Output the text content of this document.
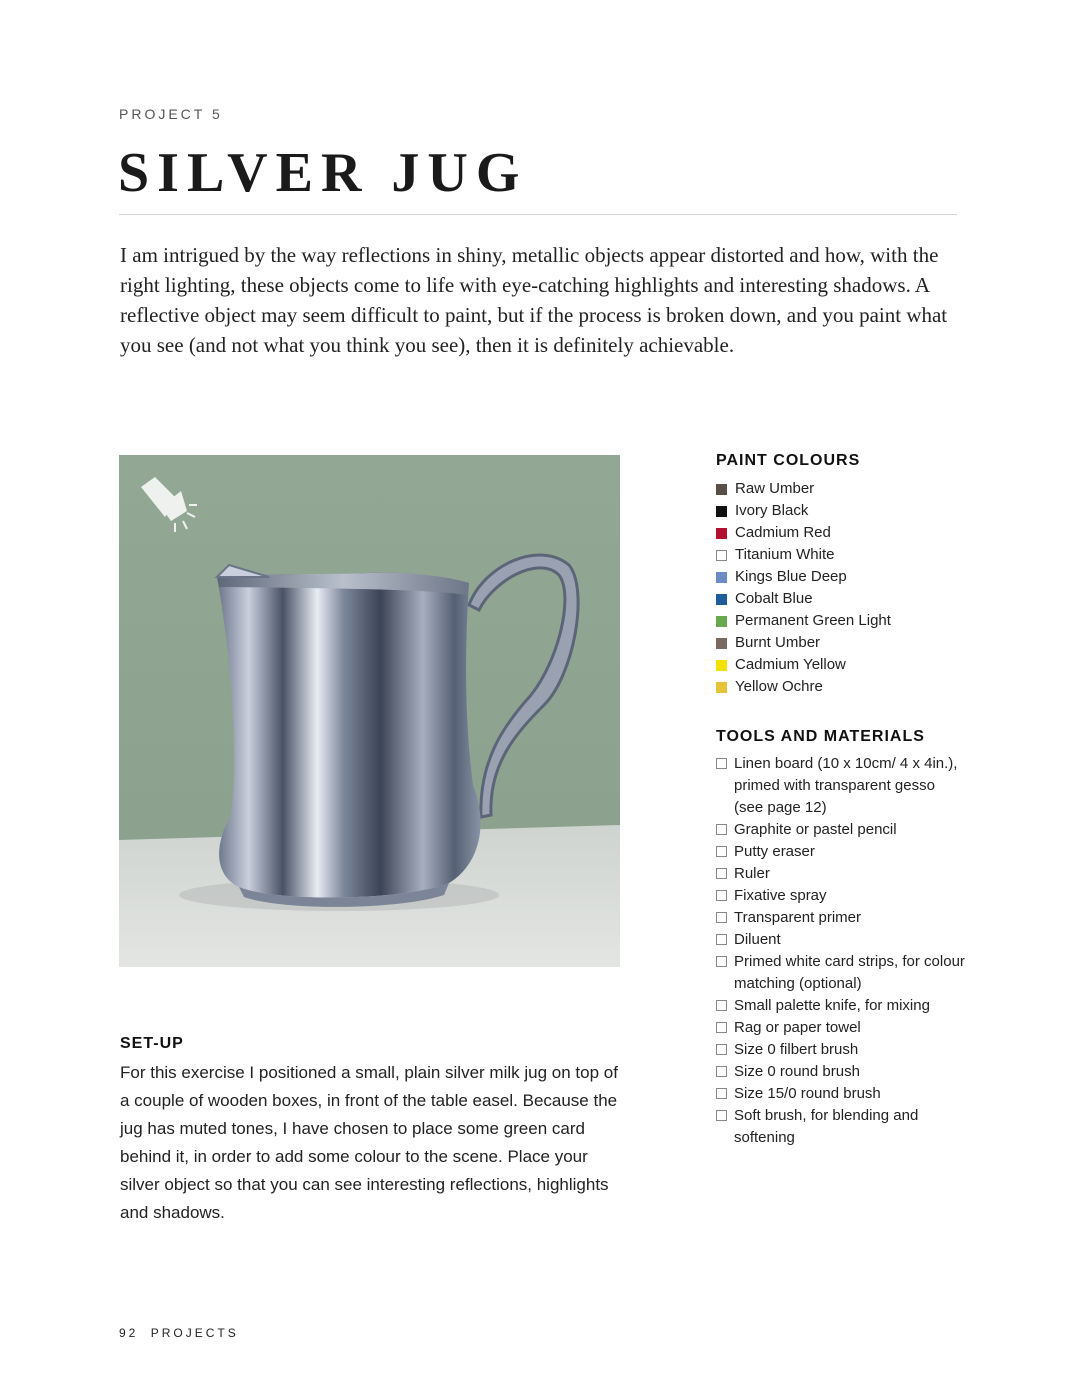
PROJECT 5
SILVER JUG

I am intrigued by the way reflections in shiny, metallic objects appear distorted and how, with the right lighting, these objects come to life with eye-catching highlights and interesting shadows. A reflective object may seem difficult to paint, but if the process is broken down, and you paint what you see (and not what you think you see), then it is definitely achievable.

SET-UP

For this exercise I positioned a small, plain silver milk jug on top of a couple of wooden boxes, in front of the table easel. Because the jug has muted tones, I have chosen to place some green card behind it, in order to add some colour to the scene. Place your silver object so that you can see interesting reflections, highlights and shadows.

PAINT COLOURS
Raw Umber
Ivory Black
Cadmium Red
Titanium White
Kings Blue Deep
Cobalt Blue
Permanent Green Light
Burnt Umber
Cadmium Yellow
Yellow Ochre
TOOLS AND MATERIALS
Linen board (10 x 10cm/ 4 x 4in.), primed with transparent gesso (see page 12)
Graphite or pastel pencil
Putty eraser
Ruler
Fixative spray
Transparent primer
Diluent
Primed white card strips, for colour matching (optional)
Small palette knife, for mixing
Rag or paper towel
Size 0 filbert brush
Size 0 round brush
Size 15/0 round brush
Soft brush, for blending and softening
92 PROJECTS
